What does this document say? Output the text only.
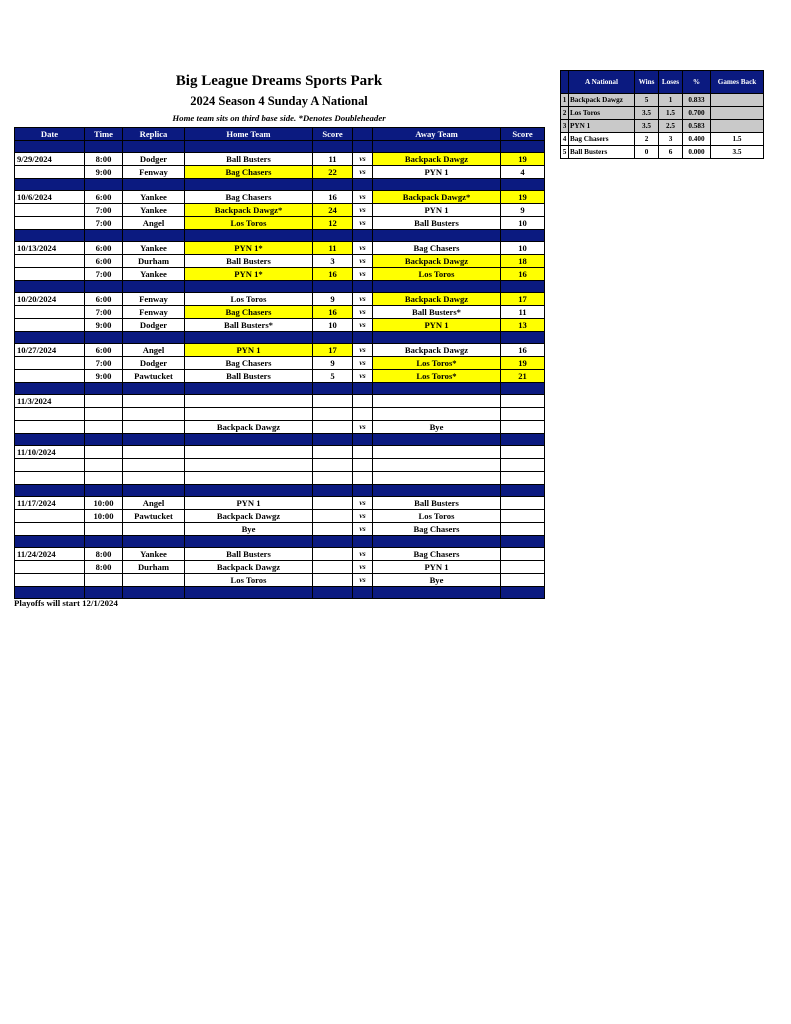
Big League Dreams Sports Park
2024 Season 4 Sunday A National
Home team sits on third base side. *Denotes Doubleheader
Date	Time	Replica	Home Team	Score		Away Team	Score

9/29/2024	8:00	Dodger	Ball Busters	11	vs	Backpack Dawgz	19
	9:00	Fenway	Bag Chasers	22	vs	PYN 1	4

10/6/2024	6:00	Yankee	Bag Chasers	16	vs	Backpack Dawgz*	19
	7:00	Yankee	Backpack Dawgz*	24	vs	PYN 1	9
	7:00	Angel	Los Toros	12	vs	Ball Busters	10

10/13/2024	6:00	Yankee	PYN 1*	11	vs	Bag Chasers	10
	6:00	Durham	Ball Busters	3	vs	Backpack Dawgz	18
	7:00	Yankee	PYN 1*	16	vs	Los Toros	16

10/20/2024	6:00	Fenway	Los Toros	9	vs	Backpack Dawgz	17
	7:00	Fenway	Bag Chasers	16	vs	Ball Busters*	11
	9:00	Dodger	Ball Busters*	10	vs	PYN 1	13

10/27/2024	6:00	Angel	PYN 1	17	vs	Backpack Dawgz	16
	7:00	Dodger	Bag Chasers	9	vs	Los Toros*	19
	9:00	Pawtucket	Ball Busters	5	vs	Los Toros*	21

11/3/2024							

			Backpack Dawgz		vs	Bye	

11/10/2024							

11/17/2024	10:00	Angel	PYN 1		vs	Ball Busters	
	10:00	Pawtucket	Backpack Dawgz		vs	Los Toros	
			Bye		vs	Bag Chasers	

11/24/2024	8:00	Yankee	Ball Busters		vs	Bag Chasers	
	8:00	Durham	Backpack Dawgz		vs	PYN 1	
			Los Toros		vs	Bye	

	A National	Wins	Loses	%	Games Back
1	Backpack Dawgz	5	1	0.833	
2	Los Toros	3.5	1.5	0.700	
3	PYN 1	3.5	2.5	0.583	
4	Bag Chasers	2	3	0.400	1.5
5	Ball Busters	0	6	0.000	3.5
Playoffs will start 12/1/2024
